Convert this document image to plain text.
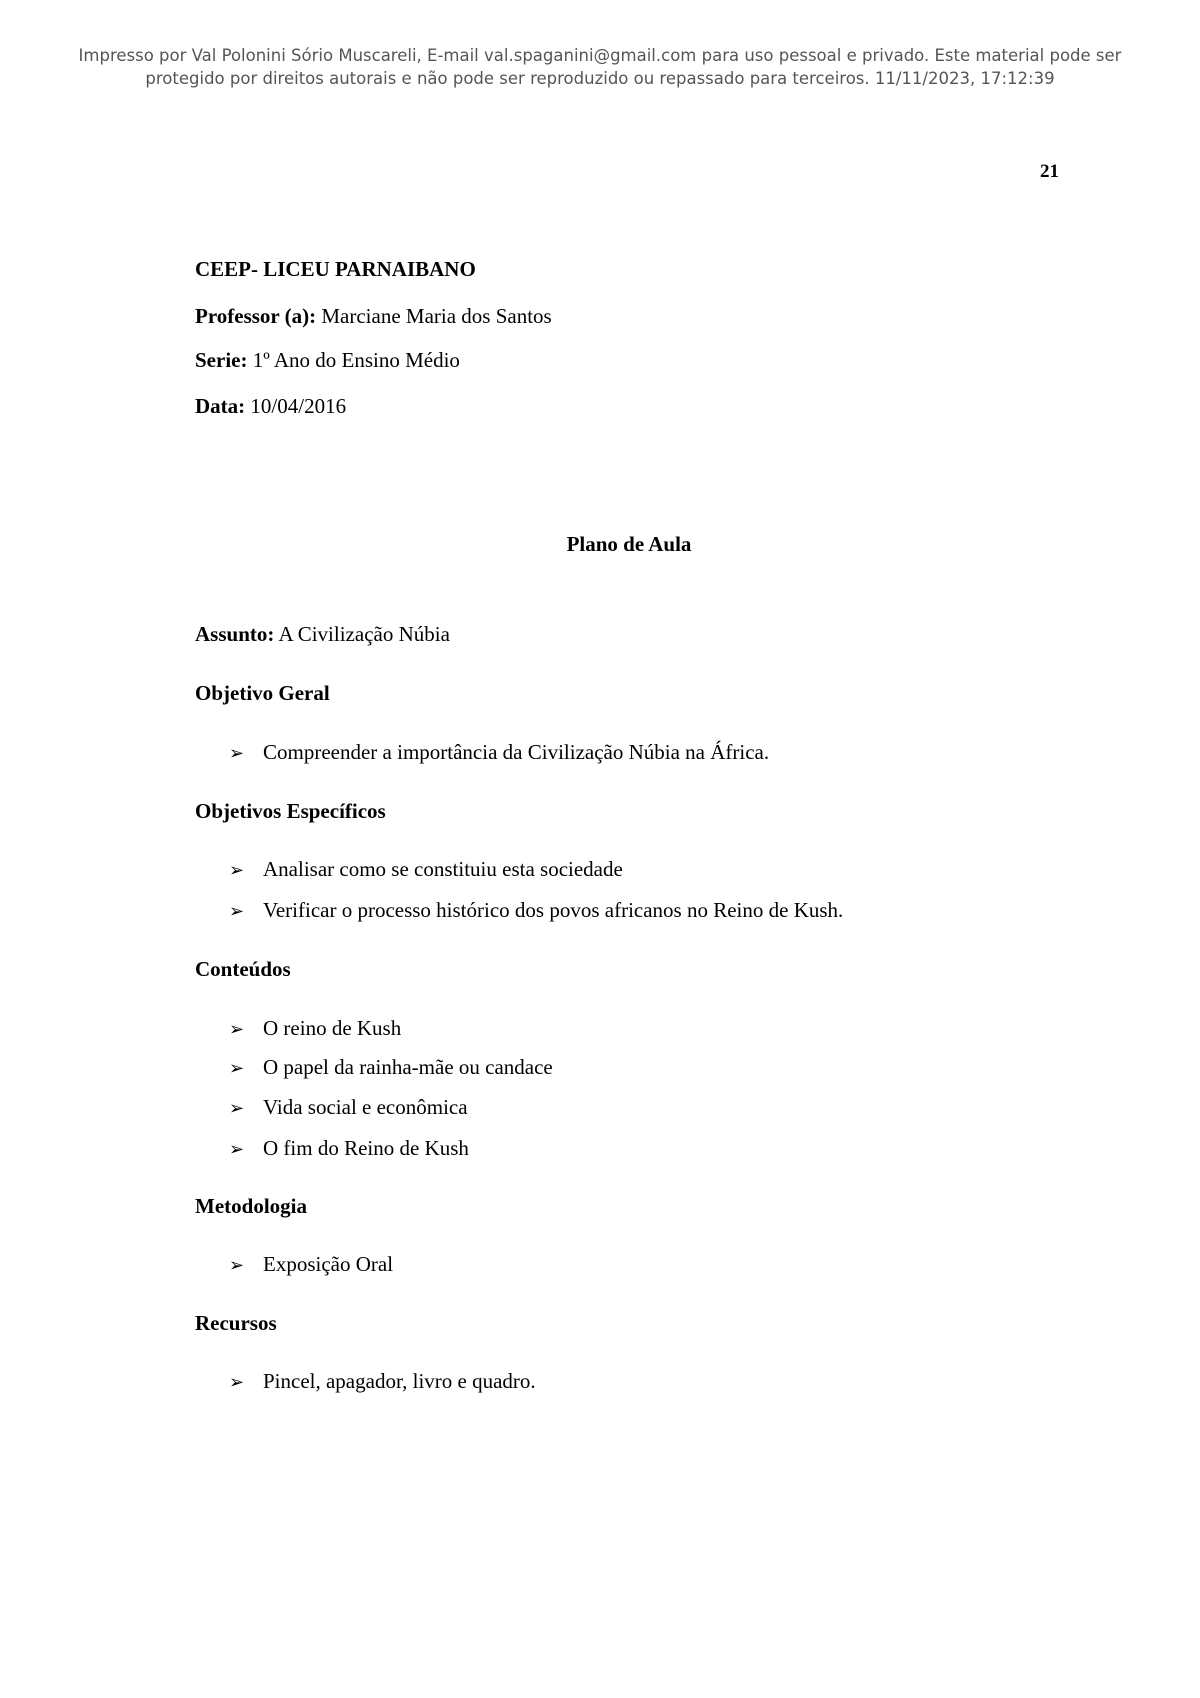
Impresso por Val Polonini Sório Muscareli, E-mail val.spaganini@gmail.com para uso pessoal e privado. Este material pode ser
protegido por direitos autorais e não pode ser reproduzido ou repassado para terceiros. 11/11/2023, 17:12:39
21
CEEP- LICEU PARNAIBANO
Professor (a): Marciane Maria dos Santos
Serie: 1º Ano do Ensino Médio
Data: 10/04/2016
Plano de Aula
Assunto: A Civilização Núbia
Objetivo Geral
➢ Compreender a importância da Civilização Núbia na África.
Objetivos Específicos
➢ Analisar como se constituiu esta sociedade
➢ Verificar o processo histórico dos povos africanos no Reino de Kush.
Conteúdos
➢ O reino de Kush
➢ O papel da rainha-mãe ou candace
➢ Vida social e econômica
➢ O fim do Reino de Kush
Metodologia
➢ Exposição Oral
Recursos
➢ Pincel, apagador, livro e quadro.
